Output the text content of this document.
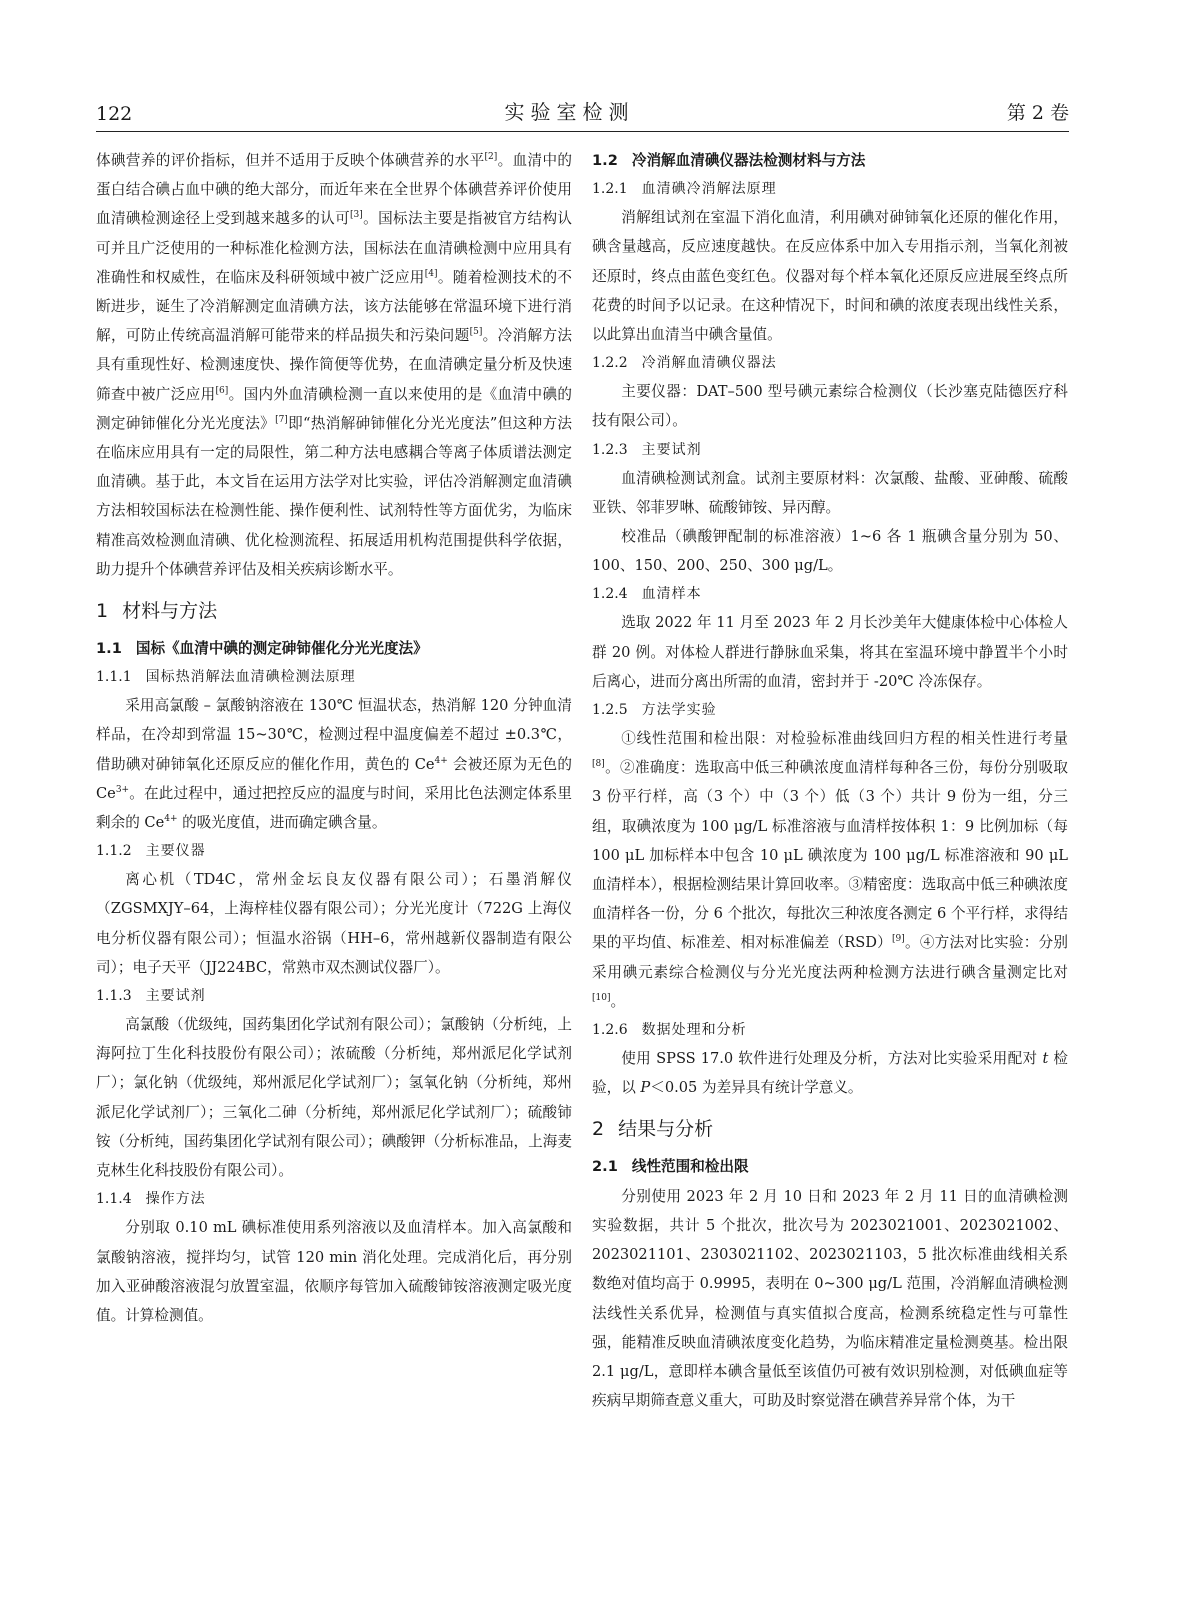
122	实验室检测	第 2 卷

体碘营养的评价指标，但并不适用于反映个体碘营养的水平[2]。血清中的蛋白结合碘占血中碘的绝大部分，而近年来在全世界个体碘营养评价使用血清碘检测途径上受到越来越多的认可[3]。国标法主要是指被官方结构认可并且广泛使用的一种标准化检测方法，国标法在血清碘检测中应用具有准确性和权威性，在临床及科研领域中被广泛应用[4]。随着检测技术的不断进步，诞生了冷消解测定血清碘方法，该方法能够在常温环境下进行消解，可防止传统高温消解可能带来的样品损失和污染问题[5]。冷消解方法具有重现性好、检测速度快、操作简便等优势，在血清碘定量分析及快速筛查中被广泛应用[6]。国内外血清碘检测一直以来使用的是《血清中碘的测定砷铈催化分光光度法》[7]即“热消解砷铈催化分光光度法”但这种方法在临床应用具有一定的局限性，第二种方法电感耦合等离子体质谱法测定血清碘。基于此，本文旨在运用方法学对比实验，评估冷消解测定血清碘方法相较国标法在检测性能、操作便利性、试剂特性等方面优劣，为临床精准高效检测血清碘、优化检测流程、拓展适用机构范围提供科学依据，助力提升个体碘营养评估及相关疾病诊断水平。

1 材料与方法
1.1 国标《血清中碘的测定砷铈催化分光光度法》
1.1.1 国标热消解法血清碘检测法原理

采用高氯酸 – 氯酸钠溶液在 130℃ 恒温状态，热消解 120 分钟血清样品，在冷却到常温 15~30℃，检测过程中温度偏差不超过 ±0.3℃，借助碘对砷铈氧化还原反应的催化作用，黄色的 $Ce^{4+}$ 会被还原为无色的 $Ce^{3+}$。在此过程中，通过把控反应的温度与时间，采用比色法测定体系里剩余的 $Ce^{4+}$ 的吸光度值，进而确定碘含量。

1.1.2 主要仪器

离心机（TD4C，常州金坛良友仪器有限公司）；石墨消解仪（ZGSMXJY–64，上海梓桂仪器有限公司）；分光光度计（722G 上海仪电分析仪器有限公司）；恒温水浴锅（HH–6，常州越新仪器制造有限公司）；电子天平（JJ224BC，常熟市双杰测试仪器厂）。

1.1.3 主要试剂

高氯酸（优级纯，国药集团化学试剂有限公司）；氯酸钠（分析纯，上海阿拉丁生化科技股份有限公司）；浓硫酸（分析纯，郑州派尼化学试剂厂）；氯化钠（优级纯，郑州派尼化学试剂厂）；氢氧化钠（分析纯，郑州派尼化学试剂厂）；三氧化二砷（分析纯，郑州派尼化学试剂厂）；硫酸铈铵（分析纯，国药集团化学试剂有限公司）；碘酸钾（分析标准品，上海麦克林生化科技股份有限公司）。

1.1.4 操作方法

分别取 0.10 mL 碘标准使用系列溶液以及血清样本。加入高氯酸和氯酸钠溶液，搅拌均匀，试管 120 min 消化处理。完成消化后，再分别加入亚砷酸溶液混匀放置室温，依顺序每管加入硫酸铈铵溶液测定吸光度值。计算检测值。

1.2 冷消解血清碘仪器法检测材料与方法
1.2.1 血清碘冷消解法原理

消解组试剂在室温下消化血清，利用碘对砷铈氧化还原的催化作用，碘含量越高，反应速度越快。在反应体系中加入专用指示剂，当氧化剂被还原时，终点由蓝色变红色。仪器对每个样本氧化还原反应进展至终点所花费的时间予以记录。在这种情况下，时间和碘的浓度表现出线性关系，以此算出血清当中碘含量值。

1.2.2 冷消解血清碘仪器法

主要仪器：DAT–500 型号碘元素综合检测仪（长沙塞克陆德医疗科技有限公司）。

1.2.3 主要试剂

血清碘检测试剂盒。试剂主要原材料：次氯酸、盐酸、亚砷酸、硫酸亚铁、邻菲罗啉、硫酸铈铵、异丙醇。

校准品（碘酸钾配制的标准溶液）1~6 各 1 瓶碘含量分别为 50、100、150、200、250、300 μg/L。

1.2.4 血清样本

选取 2022 年 11 月至 2023 年 2 月长沙美年大健康体检中心体检人群 20 例。对体检人群进行静脉血采集，将其在室温环境中静置半个小时后离心，进而分离出所需的血清，密封并于 -20℃ 冷冻保存。

1.2.5 方法学实验

①线性范围和检出限：对检验标准曲线回归方程的相关性进行考量[8]。②准确度：选取高中低三种碘浓度血清样每种各三份，每份分别吸取 3 份平行样，高（3 个）中（3 个）低（3 个）共计 9 份为一组，分三组，取碘浓度为 100 μg/L 标准溶液与血清样按体积 1：9 比例加标（每 100 μL 加标样本中包含 10 μL 碘浓度为 100 μg/L 标准溶液和 90 μL 血清样本），根据检测结果计算回收率。③精密度：选取高中低三种碘浓度血清样各一份，分 6 个批次，每批次三种浓度各测定 6 个平行样，求得结果的平均值、标准差、相对标准偏差（RSD）[9]。④方法对比实验：分别采用碘元素综合检测仪与分光光度法两种检测方法进行碘含量测定比对[10]。

1.2.6 数据处理和分析

使用 SPSS 17.0 软件进行处理及分析，方法对比实验采用配对 t 检验，以 P＜0.05 为差异具有统计学意义。

2 结果与分析
2.1 线性范围和检出限

分别使用 2023 年 2 月 10 日和 2023 年 2 月 11 日的血清碘检测实验数据，共计 5 个批次，批次号为 2023021001、2023021002、2023021101、2303021102、2023021103，5 批次标准曲线相关系数绝对值均高于 0.9995，表明在 0~300 μg/L 范围，冷消解血清碘检测法线性关系优异，检测值与真实值拟合度高，检测系统稳定性与可靠性强，能精准反映血清碘浓度变化趋势，为临床精准定量检测奠基。检出限 2.1 μg/L，意即样本碘含量低至该值仍可被有效识别检测，对低碘血症等疾病早期筛查意义重大，可助及时察觉潜在碘营养异常个体，为干
